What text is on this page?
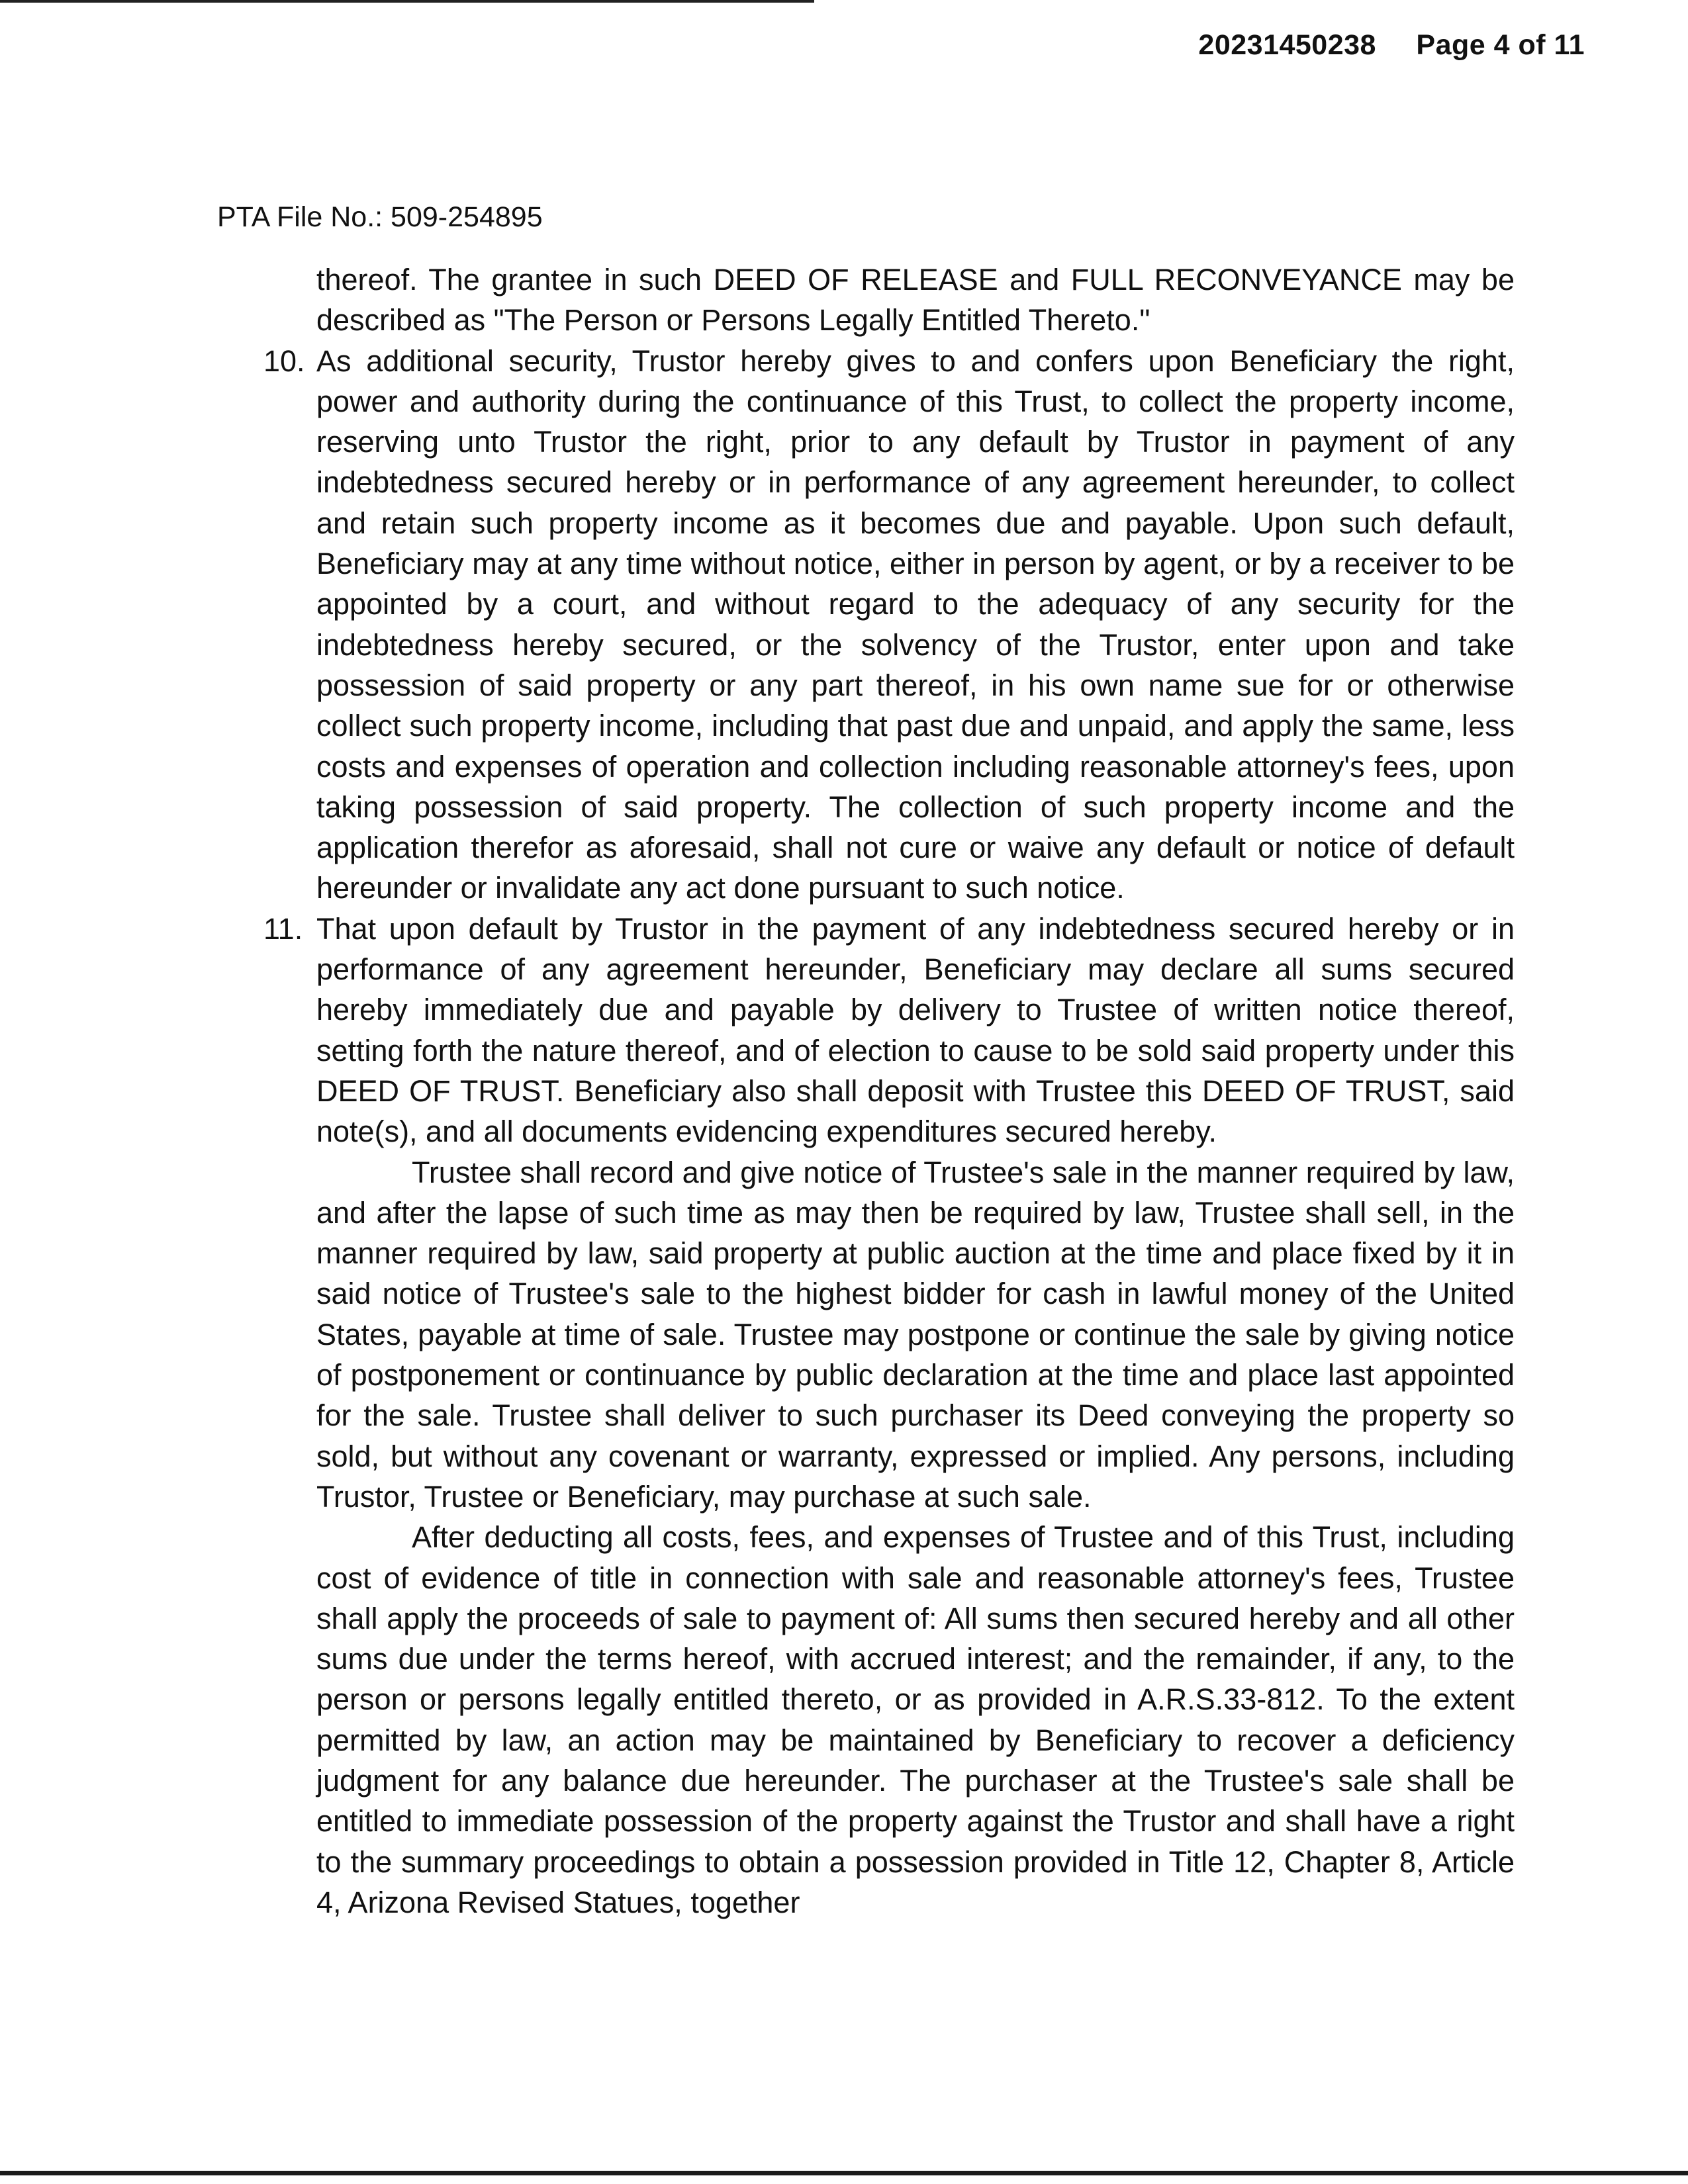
20231450238 Page 4 of 11
PTA File No.: 509-254895

thereof. The grantee in such DEED OF RELEASE and FULL RECONVEYANCE may be described as "The Person or Persons Legally Entitled Thereto."

10. As additional security, Trustor hereby gives to and confers upon Beneficiary the right, power and authority during the continuance of this Trust, to collect the property income, reserving unto Trustor the right, prior to any default by Trustor in payment of any indebtedness secured hereby or in performance of any agreement hereunder, to collect and retain such property income as it becomes due and payable. Upon such default, Beneficiary may at any time without notice, either in person by agent, or by a receiver to be appointed by a court, and without regard to the adequacy of any security for the indebtedness hereby secured, or the solvency of the Trustor, enter upon and take possession of said property or any part thereof, in his own name sue for or otherwise collect such property income, including that past due and unpaid, and apply the same, less costs and expenses of operation and collection including reasonable attorney's fees, upon taking possession of said property. The collection of such property income and the application therefor as aforesaid, shall not cure or waive any default or notice of default hereunder or invalidate any act done pursuant to such notice.
11. That upon default by Trustor in the payment of any indebtedness secured hereby or in performance of any agreement hereunder, Beneficiary may declare all sums secured hereby immediately due and payable by delivery to Trustee of written notice thereof, setting forth the nature thereof, and of election to cause to be sold said property under this DEED OF TRUST. Beneficiary also shall deposit with Trustee this DEED OF TRUST, said note(s), and all documents evidencing expenditures secured hereby.

Trustee shall record and give notice of Trustee's sale in the manner required by law, and after the lapse of such time as may then be required by law, Trustee shall sell, in the manner required by law, said property at public auction at the time and place fixed by it in said notice of Trustee's sale to the highest bidder for cash in lawful money of the United States, payable at time of sale. Trustee may postpone or continue the sale by giving notice of postponement or continuance by public declaration at the time and place last appointed for the sale. Trustee shall deliver to such purchaser its Deed conveying the property so sold, but without any covenant or warranty, expressed or implied. Any persons, including Trustor, Trustee or Beneficiary, may purchase at such sale.

After deducting all costs, fees, and expenses of Trustee and of this Trust, including cost of evidence of title in connection with sale and reasonable attorney's fees, Trustee shall apply the proceeds of sale to payment of: All sums then secured hereby and all other sums due under the terms hereof, with accrued interest; and the remainder, if any, to the person or persons legally entitled thereto, or as provided in A.R.S.33-812. To the extent permitted by law, an action may be maintained by Beneficiary to recover a deficiency judgment for any balance due hereunder. The purchaser at the Trustee's sale shall be entitled to immediate possession of the property against the Trustor and shall have a right to the summary proceedings to obtain a possession provided in Title 12, Chapter 8, Article 4, Arizona Revised Statues, together
